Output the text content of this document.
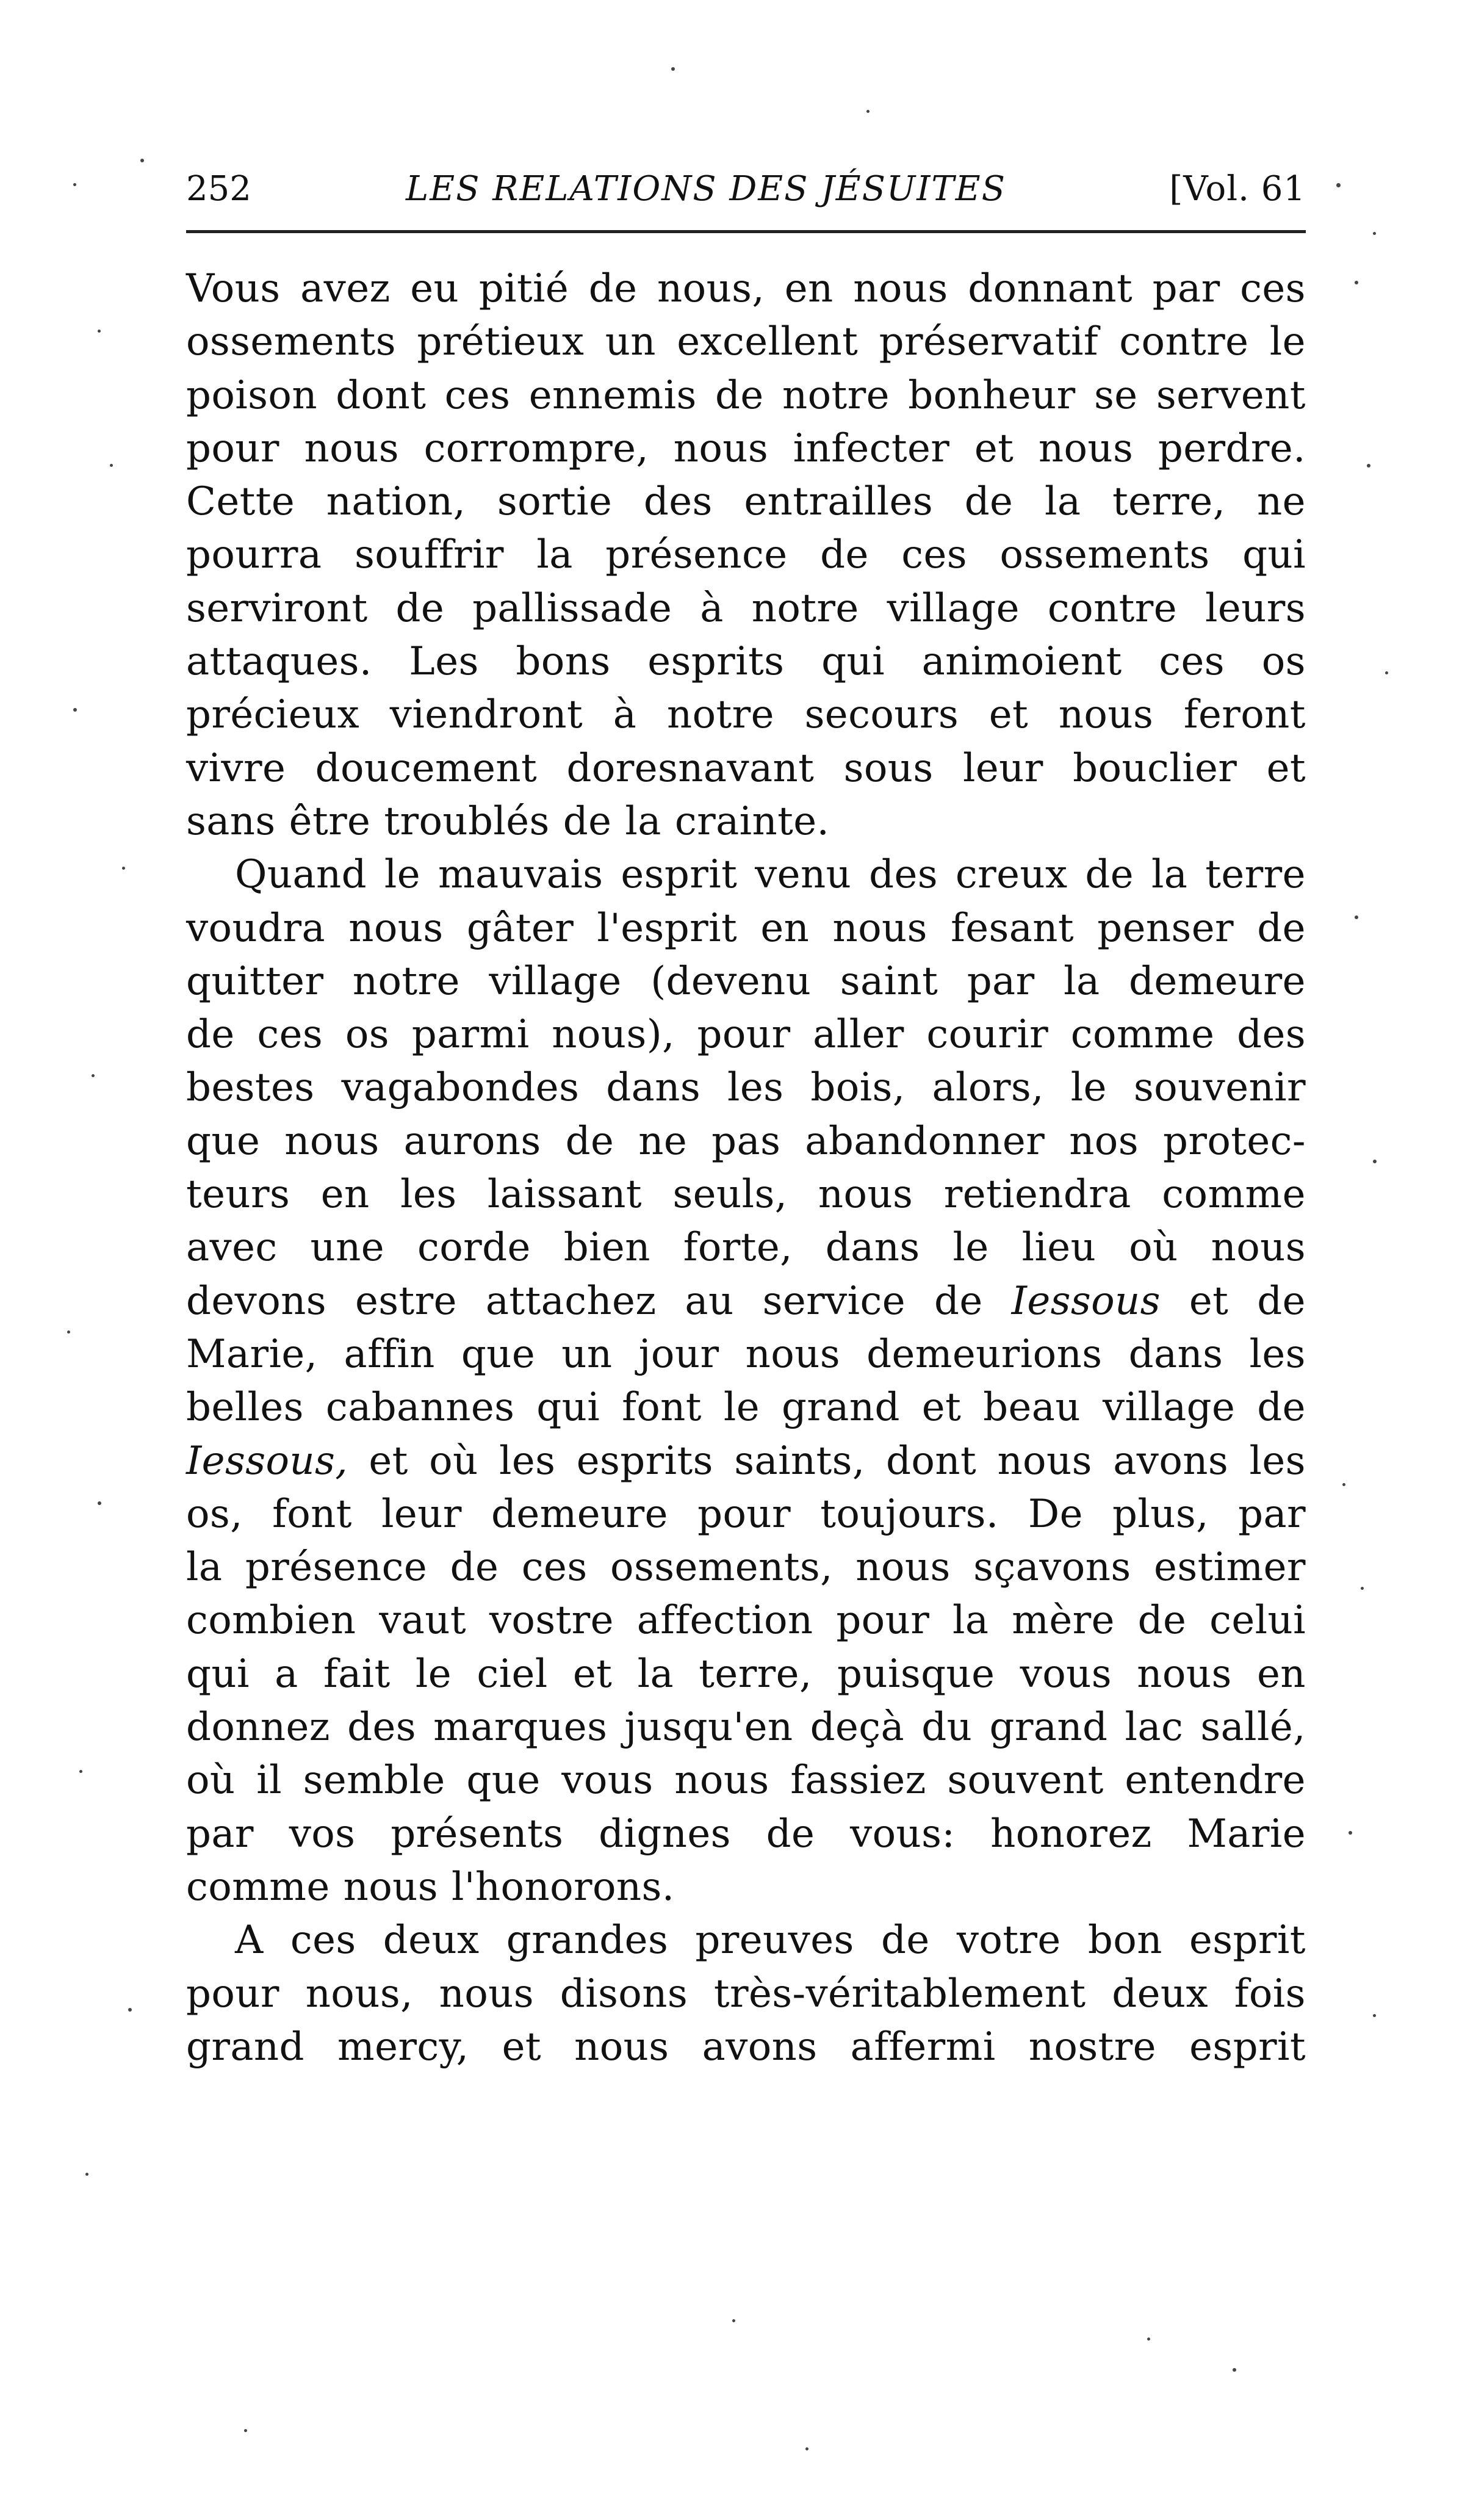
252	LES RELATIONS DES JÉSUITES	[Vol. 61
Vous avez eu pitié de nous, en nous donnant par ces
ossements prétieux un excellent préservatif contre le
poison dont ces ennemis de notre bonheur se servent
pour nous corrompre, nous infecter et nous perdre.
Cette nation, sortie des entrailles de la terre, ne
pourra souffrir la présence de ces ossements qui
serviront de pallissade à notre village contre leurs
attaques. Les bons esprits qui animoient ces os
précieux viendront à notre secours et nous feront
vivre doucement doresnavant sous leur bouclier et
sans être troublés de la crainte.
Quand le mauvais esprit venu des creux de la terre
voudra nous gâter l'esprit en nous fesant penser de
quitter notre village (devenu saint par la demeure
de ces os parmi nous), pour aller courir comme des
bestes vagabondes dans les bois, alors, le souvenir
que nous aurons de ne pas abandonner nos protec-
teurs en les laissant seuls, nous retiendra comme
avec une corde bien forte, dans le lieu où nous
devons estre attachez au service de Iessous et de
Marie, affin que un jour nous demeurions dans les
belles cabannes qui font le grand et beau village de
Iessous, et où les esprits saints, dont nous avons les
os, font leur demeure pour toujours. De plus, par
la présence de ces ossements, nous sçavons estimer
combien vaut vostre affection pour la mère de celui
qui a fait le ciel et la terre, puisque vous nous en
donnez des marques jusqu'en deçà du grand lac sallé,
où il semble que vous nous fassiez souvent entendre
par vos présents dignes de vous: honorez Marie
comme nous l'honorons.
A ces deux grandes preuves de votre bon esprit
pour nous, nous disons très-véritablement deux fois
grand mercy, et nous avons affermi nostre esprit
